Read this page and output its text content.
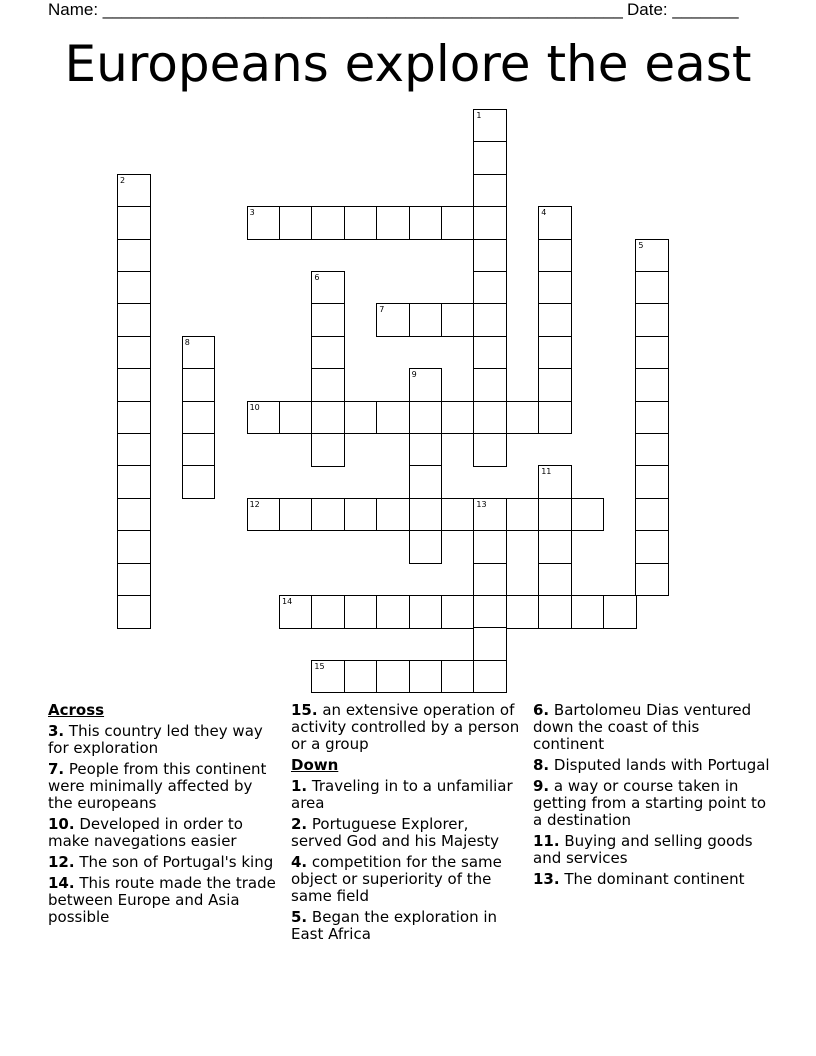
Name: _______________________________________________________ Date: _______
Europeans explore the east
1
2
3	4
5
6
7
8
9
10
11
12	13
14
15
Across
3. This country led they way for exploration
7. People from this continent were minimally affected by the europeans
10. Developed in order to make navegations easier
12. The son of Portugal's king
14. This route made the trade between Europe and Asia possible
15. an extensive operation of activity controlled by a person or a group
Down
1. Traveling in to a unfamiliar area
2. Portuguese Explorer, served God and his Majesty
4. competition for the same object or superiority of the same field
5. Began the exploration in East Africa
6. Bartolomeu Dias ventured down the coast of this continent
8. Disputed lands with Portugal
9. a way or course taken in getting from a starting point to a destination
11. Buying and selling goods and services
13. The dominant continent
